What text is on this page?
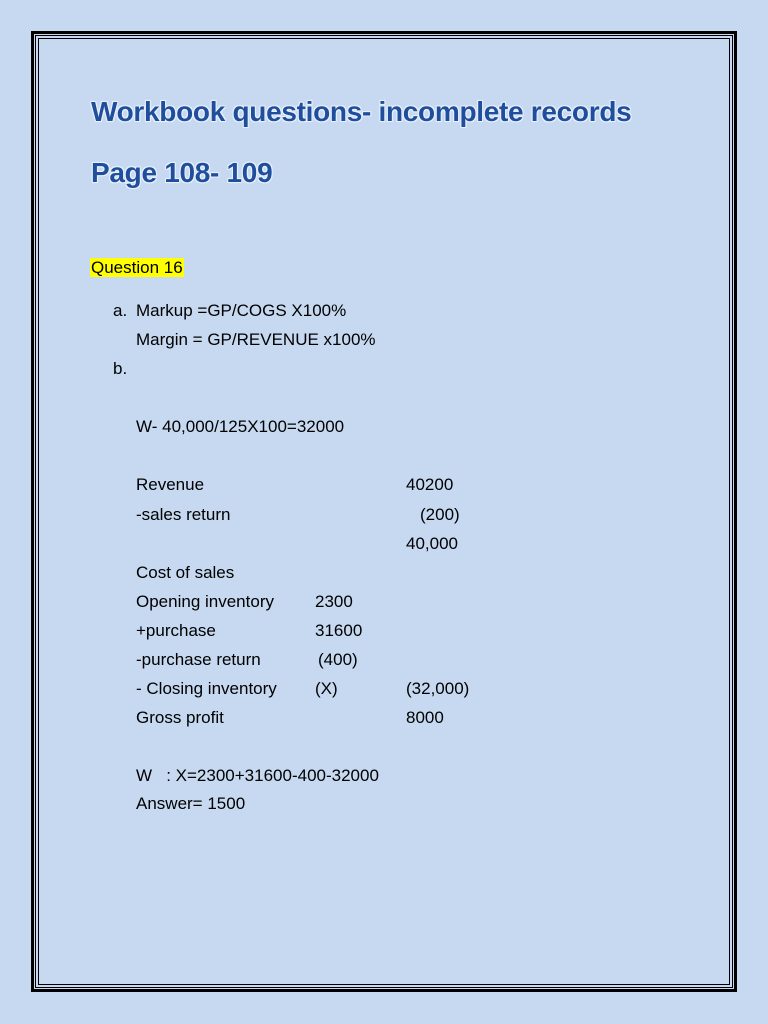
Workbook questions- incomplete records
Page 108- 109
Question 16
a. Markup =GP/COGS X100%
Margin = GP/REVENUE x100%
b.
W- 40,000/125X100=32000
Revenue	40200
-sales return	(200)
40,000
Cost of sales
Opening inventory 2300
+purchase	31600
-purchase return	(400)
- Closing inventory (X)	(32,000)
Gross profit	8000
W   : X=2300+31600-400-32000
Answer= 1500
